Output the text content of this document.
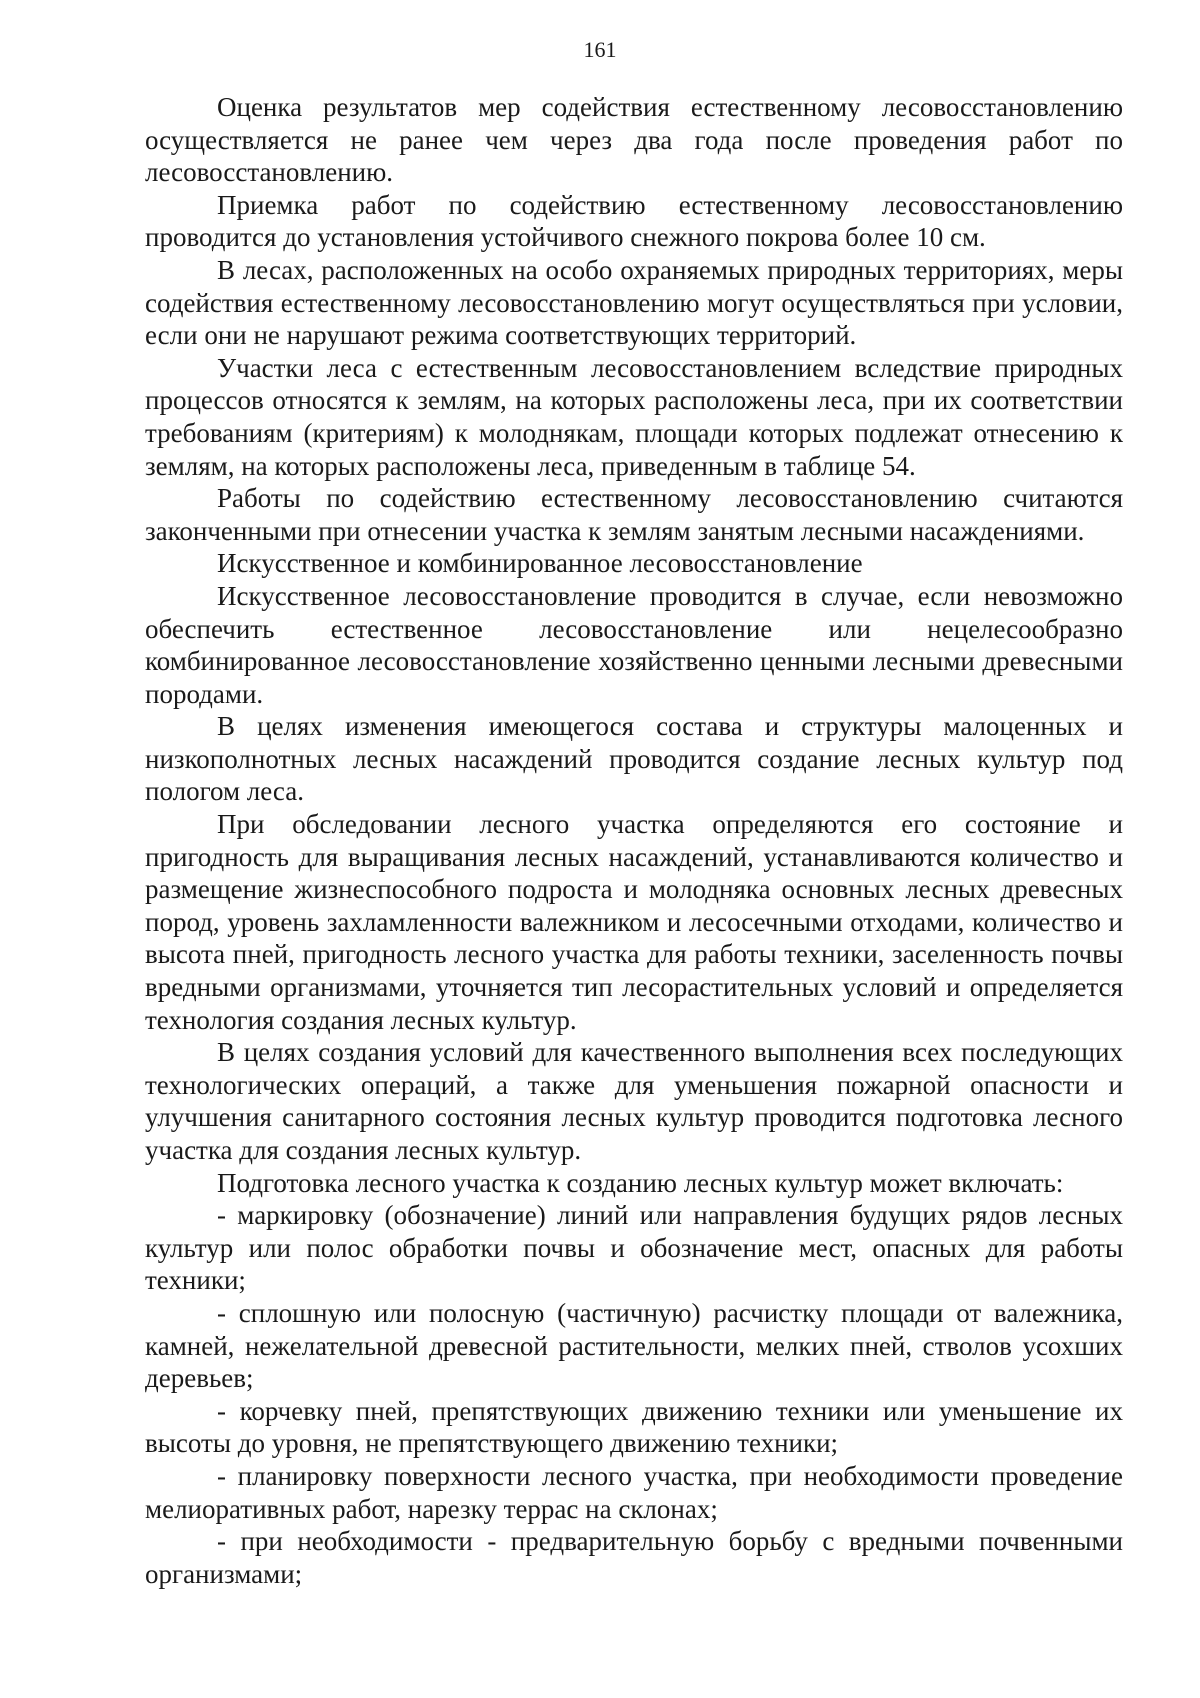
161

Оценка результатов мер содействия естественному лесовосстановлению осуществляется не ранее чем через два года после проведения работ по лесовосстановлению.

Приемка работ по содействию естественному лесовосстановлению проводится до установления устойчивого снежного покрова более 10 см.

В лесах, расположенных на особо охраняемых природных территориях, меры содействия естественному лесовосстановлению могут осуществляться при условии, если они не нарушают режима соответствующих территорий.

Участки леса с естественным лесовосстановлением вследствие природных процессов относятся к землям, на которых расположены леса, при их соответствии требованиям (критериям) к молоднякам, площади которых подлежат отнесению к землям, на которых расположены леса, приведенным в таблице 54.

Работы по содействию естественному лесовосстановлению считаются законченными при отнесении участка к землям занятым лесными насаждениями.

Искусственное и комбинированное лесовосстановление

Искусственное лесовосстановление проводится в случае, если невозможно обеспечить естественное лесовосстановление или нецелесообразно комбинированное лесовосстановление хозяйственно ценными лесными древесными породами.

В целях изменения имеющегося состава и структуры малоценных и низкополнотных лесных насаждений проводится создание лесных культур под пологом леса.

При обследовании лесного участка определяются его состояние и пригодность для выращивания лесных насаждений, устанавливаются количество и размещение жизнеспособного подроста и молодняка основных лесных древесных пород, уровень захламленности валежником и лесосечными отходами, количество и высота пней, пригодность лесного участка для работы техники, заселенность почвы вредными организмами, уточняется тип лесорастительных условий и определяется технология создания лесных культур.

В целях создания условий для качественного выполнения всех последующих технологических операций, а также для уменьшения пожарной опасности и улучшения санитарного состояния лесных культур проводится подготовка лесного участка для создания лесных культур.

Подготовка лесного участка к созданию лесных культур может включать:

- маркировку (обозначение) линий или направления будущих рядов лесных культур или полос обработки почвы и обозначение мест, опасных для работы техники;

- сплошную или полосную (частичную) расчистку площади от валежника, камней, нежелательной древесной растительности, мелких пней, стволов усохших деревьев;

- корчевку пней, препятствующих движению техники или уменьшение их высоты до уровня, не препятствующего движению техники;

- планировку поверхности лесного участка, при необходимости проведение мелиоративных работ, нарезку террас на склонах;

- при необходимости - предварительную борьбу с вредными почвенными организмами;
